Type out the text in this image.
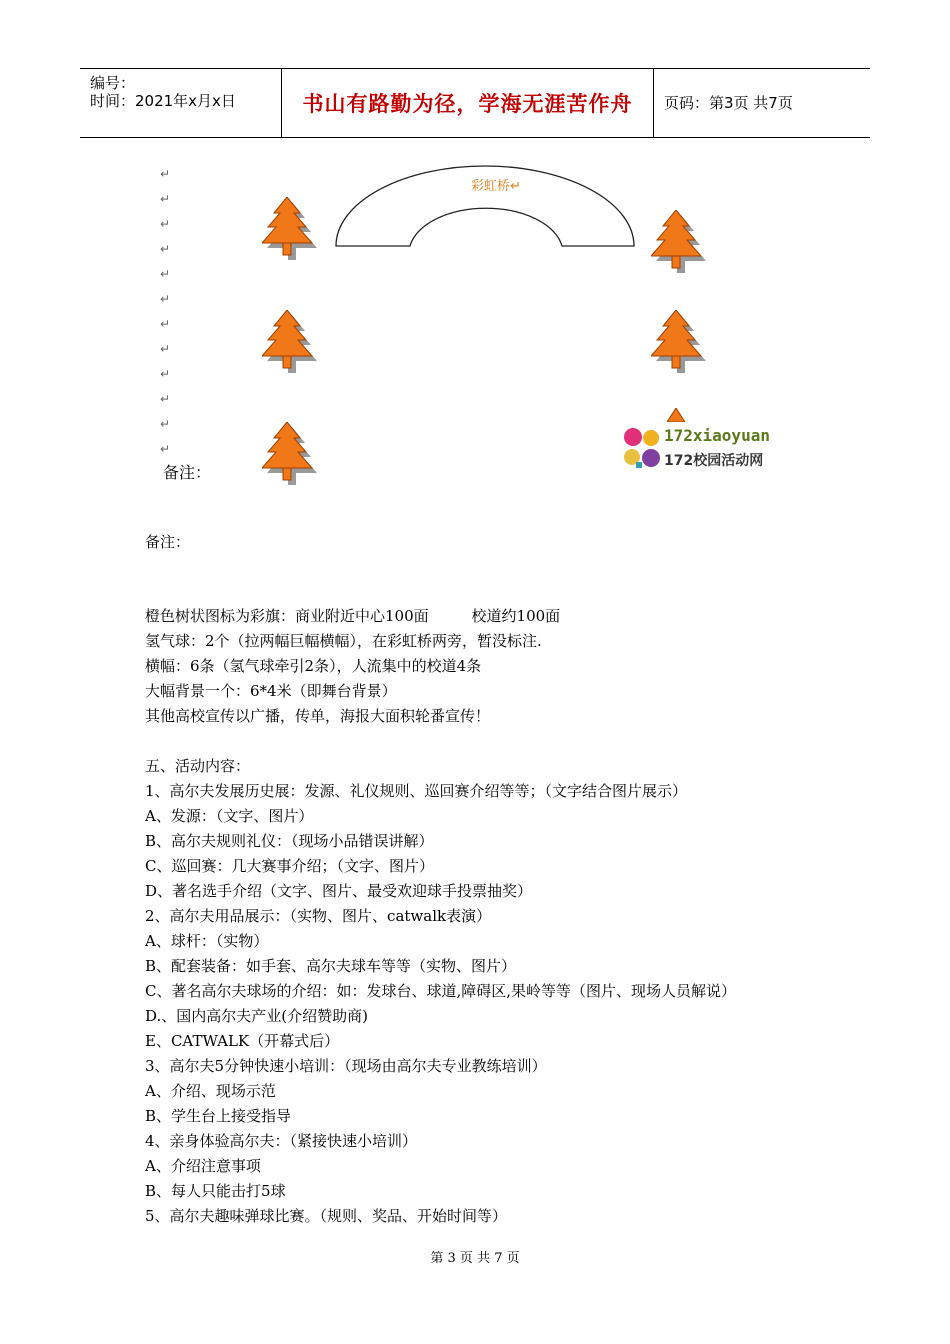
编号：
时间：2021年x月x日	书山有路勤为径，学海无涯苦作舟 页码：第3页 共7页
↵
↵
↵
↵
↵
↵
↵
↵
↵
↵
↵
↵
彩虹桥↵
172xiaoyuan
172校园活动网
备注：
备注：
橙色树状图标为彩旗：商业附近中心100面         校道约100面
氢气球：2个（拉两幅巨幅横幅），在彩虹桥两旁，暂没标注.
横幅：6条（氢气球牵引2条），人流集中的校道4条
大幅背景一个：6*4米（即舞台背景）
其他高校宣传以广播，传单，海报大面积轮番宣传！
五、活动内容：
1、高尔夫发展历史展：发源、礼仪规则、巡回赛介绍等等；（文字结合图片展示）
A、发源：（文字、图片）
B、高尔夫规则礼仪：（现场小品错误讲解）
C、巡回赛：几大赛事介绍；（文字、图片）
D、著名选手介绍（文字、图片、最受欢迎球手投票抽奖）
2、高尔夫用品展示：（实物、图片、catwalk表演）
A、球杆：（实物）
B、配套装备：如手套、高尔夫球车等等（实物、图片）
C、著名高尔夫球场的介绍：如：发球台、球道,障碍区,果岭等等（图片、现场人员解说）
D.、国内高尔夫产业(介绍赞助商)
E、CATWALK（开幕式后）
3、高尔夫5分钟快速小培训：（现场由高尔夫专业教练培训）
A、介绍、现场示范
B、学生台上接受指导
4、亲身体验高尔夫：（紧接快速小培训）
A、介绍注意事项
B、每人只能击打5球
5、高尔夫趣味弹球比赛。（规则、奖品、开始时间等）
第 3 页 共 7 页
